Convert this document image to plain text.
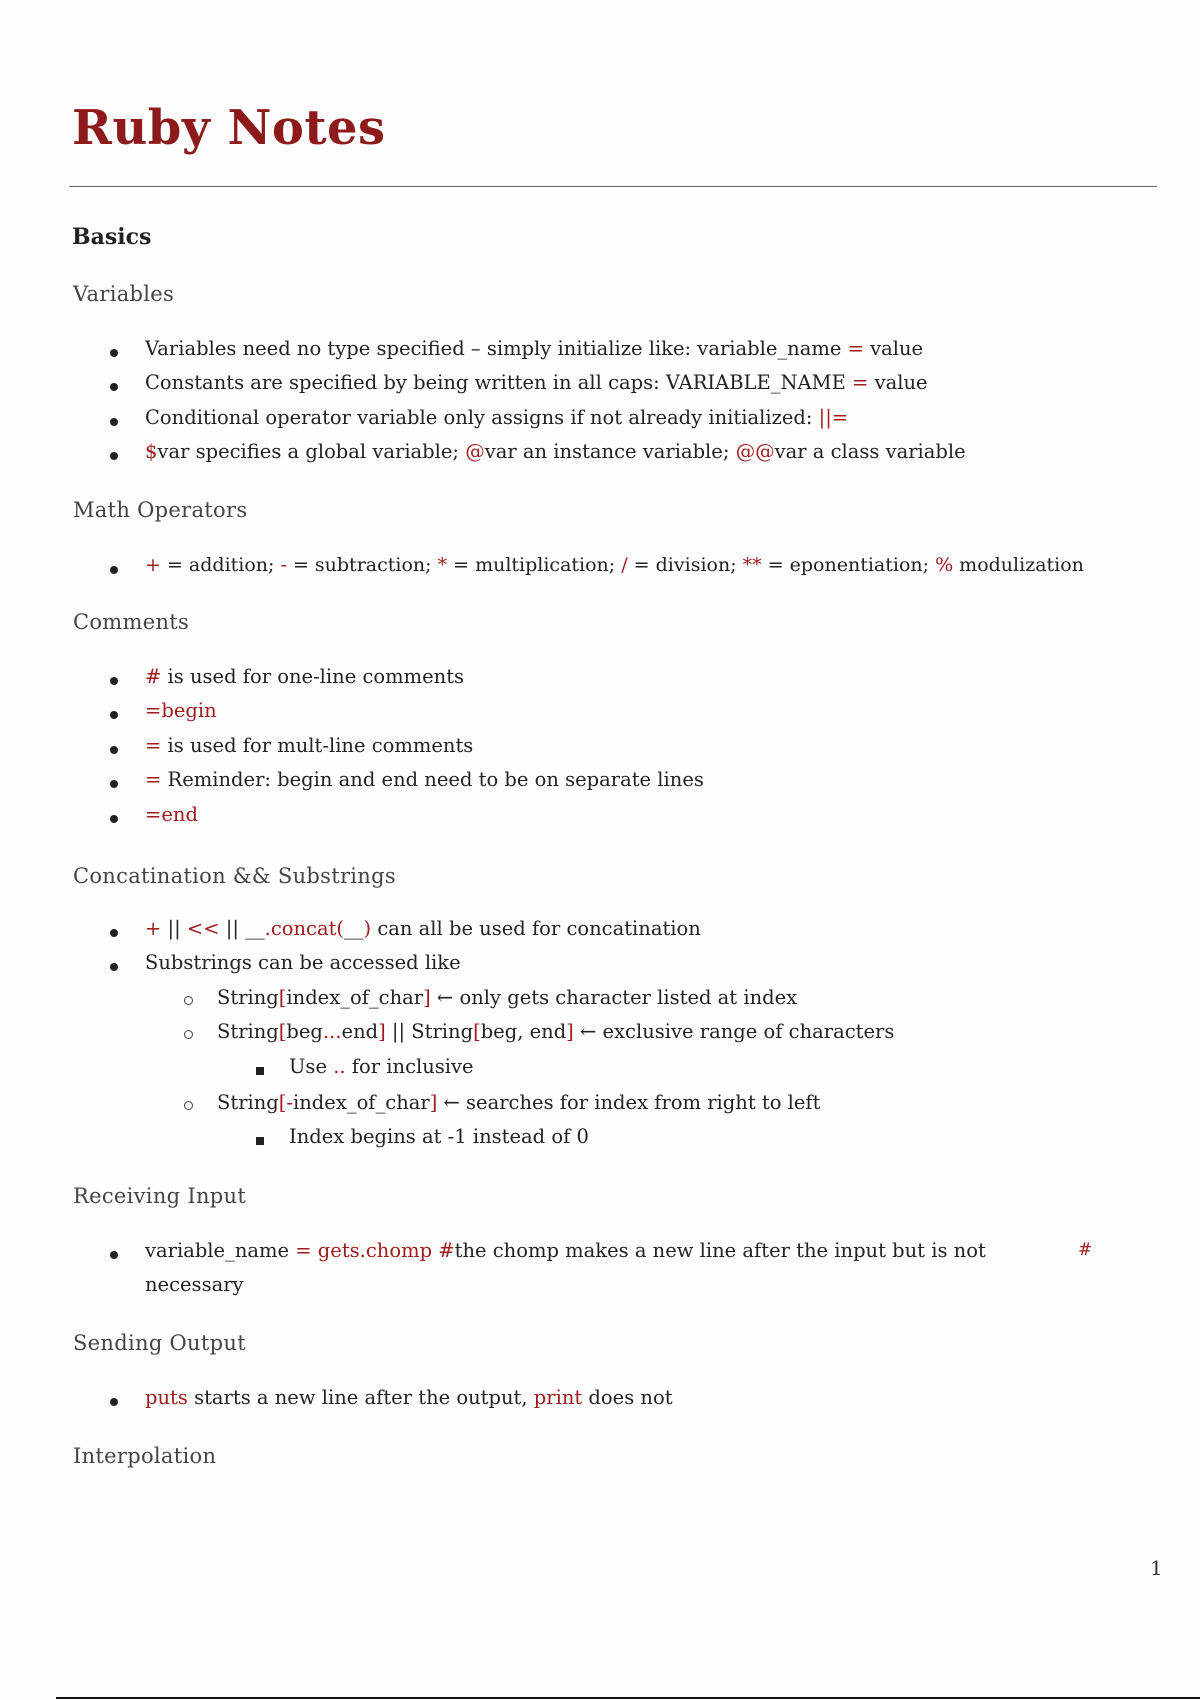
Ruby Notes
Basics
Variables

Variables need no type specified – simply initialize like: variable_name = value

Constants are specified by being written in all caps: VARIABLE_NAME = value

Conditional operator variable only assigns if not already initialized: ||=

$var specifies a global variable; @var an instance variable; @@var a class variable

Math Operators

+ = addition; - = subtraction; * = multiplication; / = division; ** = eponentiation; % modulization

Comments

# is used for one-line comments

=begin

= is used for mult-line comments

= Reminder: begin and end need to be on separate lines

=end

Concatination && Substrings

+ || << || __.concat(__) can all be used for concatination

Substrings can be accessed like

String[index_of_char] ← only gets character listed at index

String[beg...end] || String[beg, end] ← exclusive range of characters

Use .. for inclusive

String[-index_of_char] ← searches for index from right to left

Index begins at -1 instead of 0

Receiving Input

variable_name = gets.chomp #the chomp makes a new line after the input but is not

necessary

#
Sending Output

puts starts a new line after the output, print does not

Interpolation
1
